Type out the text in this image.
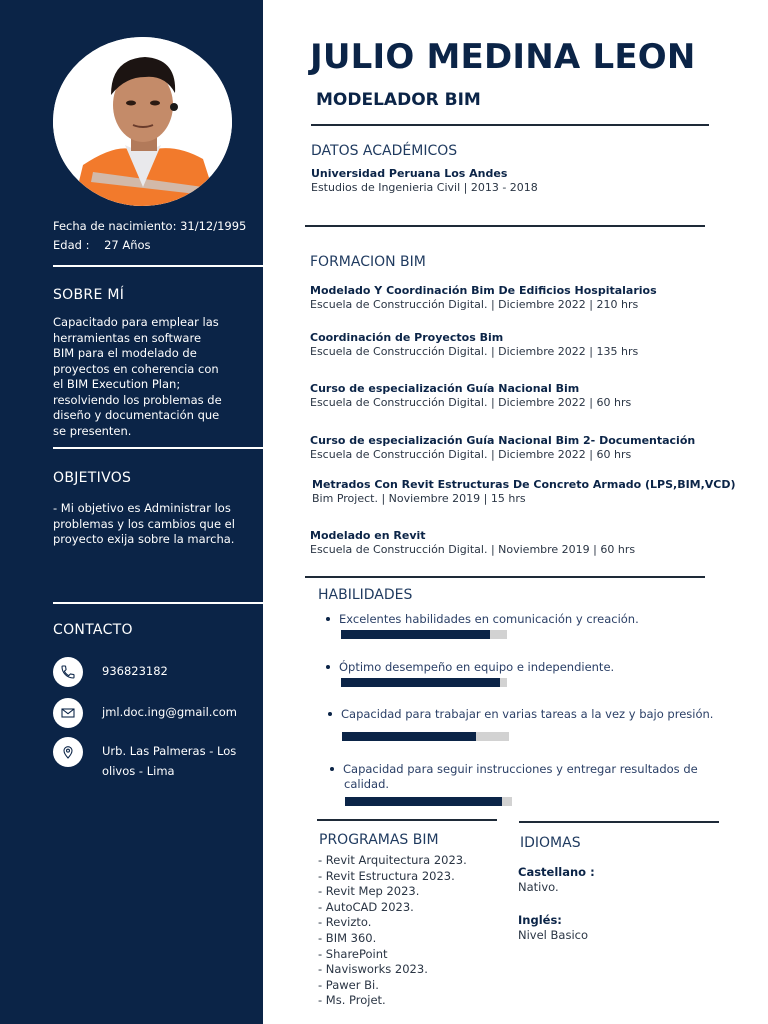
Fecha de nacimiento: 31/12/1995
Edad :    27 Años
SOBRE MÍ
Capacitado para emplear las
herramientas en software
BIM para el modelado de
proyectos en coherencia con
el BIM Execution Plan;
resolviendo los problemas de
diseño y documentación que
se presenten.
OBJETIVOS
- Mi objetivo es Administrar los
problemas y los cambios que el
proyecto exija sobre la marcha.
CONTACTO
936823182
jml.doc.ing@gmail.com
Urb. Las Palmeras - Los olivos - Lima
JULIO MEDINA LEON
MODELADOR BIM
DATOS ACADÉMICOS
Universidad Peruana Los Andes
Estudios de Ingenieria Civil | 2013 - 2018
FORMACION BIM
Modelado Y Coordinación Bim De Edificios Hospitalarios
Escuela de Construcción Digital. | Diciembre 2022 | 210 hrs
Coordinación de Proyectos Bim
Escuela de Construcción Digital. | Diciembre 2022 | 135 hrs
Curso de especialización Guía Nacional Bim
Escuela de Construcción Digital. | Diciembre 2022 | 60 hrs
Curso de especialización Guía Nacional Bim 2- Documentación
Escuela de Construcción Digital. | Diciembre 2022 | 60 hrs
Metrados Con Revit Estructuras De Concreto Armado (LPS,BIM,VCD)
Bim Project. | Noviembre 2019 | 15 hrs
Modelado en Revit
Escuela de Construcción Digital. | Noviembre 2019 | 60 hrs
HABILIDADES
Excelentes habilidades en comunicación y creación.
Óptimo desempeño en equipo e independiente.
Capacidad para trabajar en varias tareas a la vez y bajo presión.
Capacidad para seguir instrucciones y entregar resultados de
calidad.
PROGRAMAS BIM
- Revit Arquitectura 2023.
- Revit Estructura 2023.
- Revit Mep 2023.
- AutoCAD 2023.
- Revizto.
- BIM 360.
- SharePoint
- Navisworks 2023.
- Pawer Bi.
- Ms. Projet.
IDIOMAS
Castellano :
Nativo.
Inglés:
Nivel Basico
